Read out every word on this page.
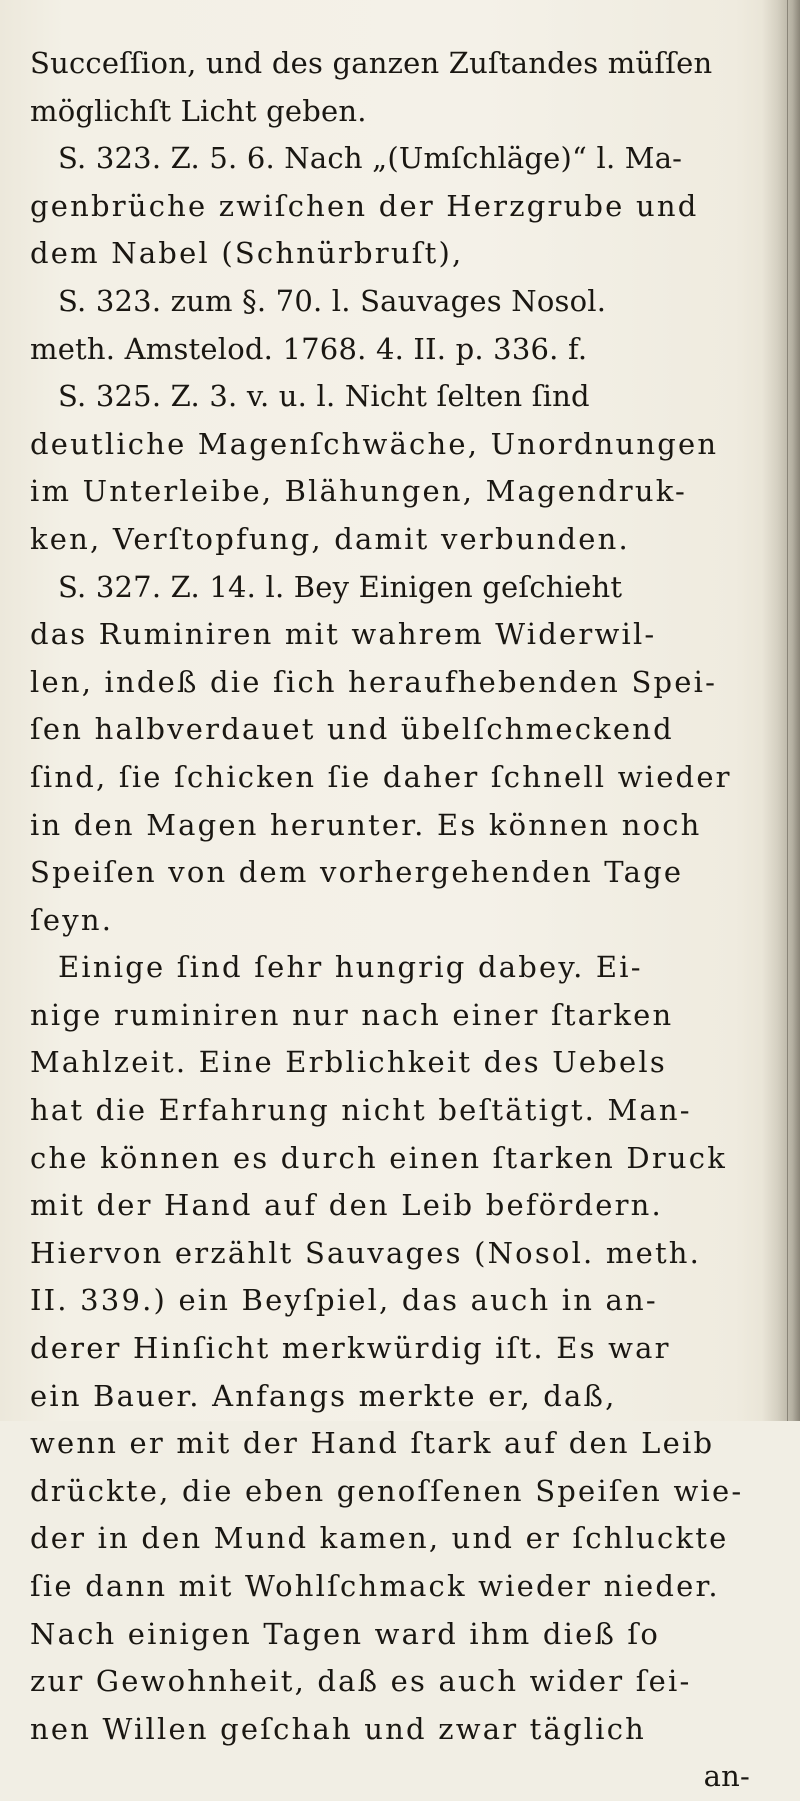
Succeſſion, und des ganzen Zuſtandes müſſen
möglichſt Licht geben.
S. 323. Z. 5. 6. Nach „(Umſchläge)“ l. Ma-
genbrüche zwiſchen der Herzgrube und
dem Nabel (Schnürbruſt),
S. 323. zum §. 70. l. Sauvages Nosol.
meth. Amstelod. 1768. 4. II. p. 336. f.
S. 325. Z. 3. v. u. l. Nicht ſelten ſind
deutliche Magenſchwäche, Unordnungen
im Unterleibe, Blähungen, Magendruk-
ken, Verſtopfung, damit verbunden.
S. 327. Z. 14. l. Bey Einigen geſchieht
das Ruminiren mit wahrem Widerwil-
len, indeß die ſich heraufhebenden Spei-
ſen halbverdauet und übelſchmeckend
ſind, ſie ſchicken ſie daher ſchnell wieder
in den Magen herunter. Es können noch
Speiſen von dem vorhergehenden Tage
ſeyn.
Einige ſind ſehr hungrig dabey. Ei-
nige ruminiren nur nach einer ſtarken
Mahlzeit. Eine Erblichkeit des Uebels
hat die Erfahrung nicht beſtätigt. Man-
che können es durch einen ſtarken Druck
mit der Hand auf den Leib befördern.
Hiervon erzählt Sauvages (Nosol. meth.
II. 339.) ein Beyſpiel, das auch in an-
derer Hinſicht merkwürdig iſt. Es war
ein Bauer. Anfangs merkte er, daß,
wenn er mit der Hand ſtark auf den Leib
drückte, die eben genoſſenen Speiſen wie-
der in den Mund kamen, und er ſchluckte
ſie dann mit Wohlſchmack wieder nieder.
Nach einigen Tagen ward ihm dieß ſo
zur Gewohnheit, daß es auch wider ſei-
nen Willen geſchah und zwar täglich
an-
